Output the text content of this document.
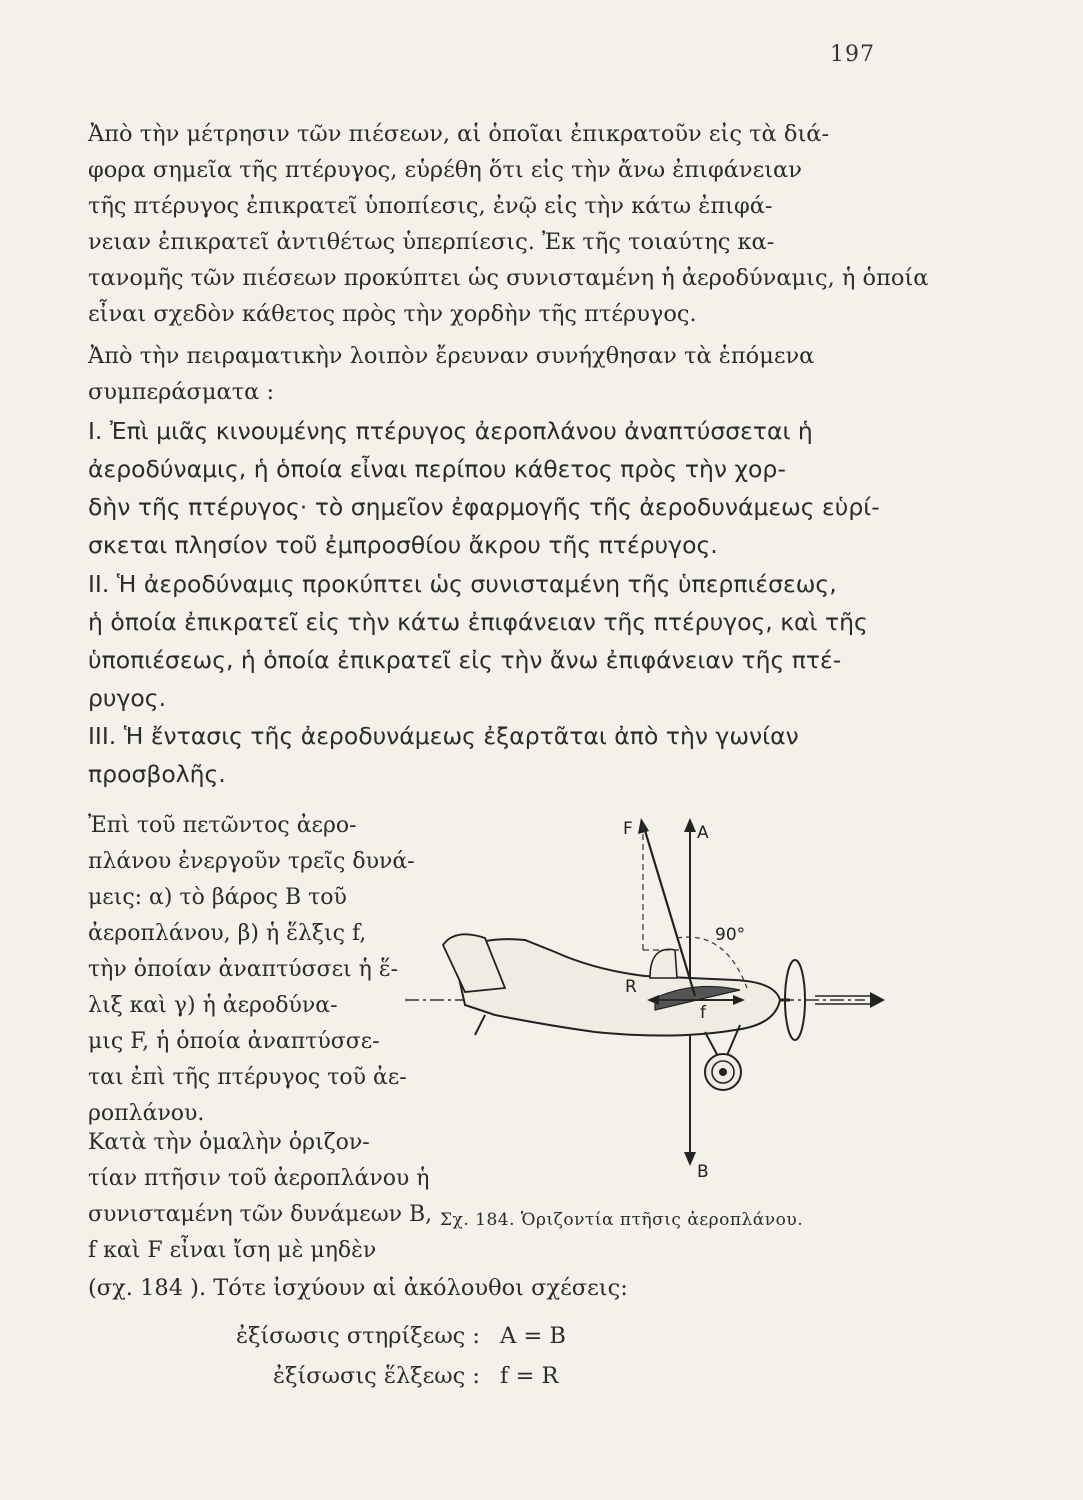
197

Ἀπὸ τὴν μέτρησιν τῶν πιέσεων, αἱ ὁποῖαι ἐπικρατοῦν εἰς τὰ διά-
φορα σημεῖα τῆς πτέρυγος, εὑρέθη ὅτι εἰς τὴν ἄνω ἐπιφάνειαν
τῆς πτέρυγος ἐπικρατεῖ ὑποπίεσις, ἐνῷ εἰς τὴν κάτω ἐπιφά-
νειαν ἐπικρατεῖ ἀντιθέτως ὑπερπίεσις. Ἐκ τῆς τοιαύτης κα-
τανομῆς τῶν πιέσεων προκύπτει ὡς συνισταμένη ἡ ἀεροδύναμις, ἡ ὁποία
εἶναι σχεδὸν κάθετος πρὸς τὴν χορδὴν τῆς πτέρυγος.

Ἀπὸ τὴν πειραματικὴν λοιπὸν ἔρευναν συνήχθησαν τὰ ἑπόμενα
συμπεράσματα :

I. Ἐπὶ μιᾶς κινουμένης πτέρυγος ἀεροπλάνου ἀναπτύσσεται ἡ
ἀεροδύναμις, ἡ ὁποία εἶναι περίπου κάθετος πρὸς τὴν χορ-
δὴν τῆς πτέρυγος· τὸ σημεῖον ἐφαρμογῆς τῆς ἀεροδυνάμεως εὑρί-
σκεται πλησίον τοῦ ἐμπροσθίου ἄκρου τῆς πτέρυγος.

II. Ἡ ἀεροδύναμις προκύπτει ὡς συνισταμένη τῆς ὑπερπιέσεως,
ἡ ὁποία ἐπικρατεῖ εἰς τὴν κάτω ἐπιφάνειαν τῆς πτέρυγος, καὶ τῆς
ὑποπιέσεως, ἡ ὁποία ἐπικρατεῖ εἰς τὴν ἄνω ἐπιφάνειαν τῆς πτέ-
ρυγος.

III. Ἡ ἔντασις τῆς ἀεροδυνάμεως ἐξαρτᾶται ἀπὸ τὴν γωνίαν
προσβολῆς.

Ἐπὶ τοῦ πετῶντος ἀερο-
πλάνου ἐνεργοῦν τρεῖς δυνά-
μεις: α) τὸ βάρος Β τοῦ
ἀεροπλάνου, β) ἡ ἕλξις f,
τὴν ὁποίαν ἀναπτύσσει ἡ ἕ-
λιξ καὶ γ) ἡ ἀεροδύνα-
μις F, ἡ ὁποία ἀναπτύσσε-
ται ἐπὶ τῆς πτέρυγος τοῦ ἀε-
ροπλάνου.

Κατὰ τὴν ὁμαλὴν ὁριζον-
τίαν πτῆσιν τοῦ ἀεροπλάνου ἡ
συνισταμένη τῶν δυνάμεων Β,
f καὶ F εἶναι ἴση μὲ μηδὲν

(σχ. 184 ). Τότε ἰσχύουν αἱ ἀκόλουθοι σχέσεις:

ἐξίσωσις στηρίξεως : A = B
ἐξίσωσις ἕλξεως : f = R
F	A
R
f
B
90°
Σχ. 184. Ὁριζοντία πτῆσις ἀεροπλάνου.
